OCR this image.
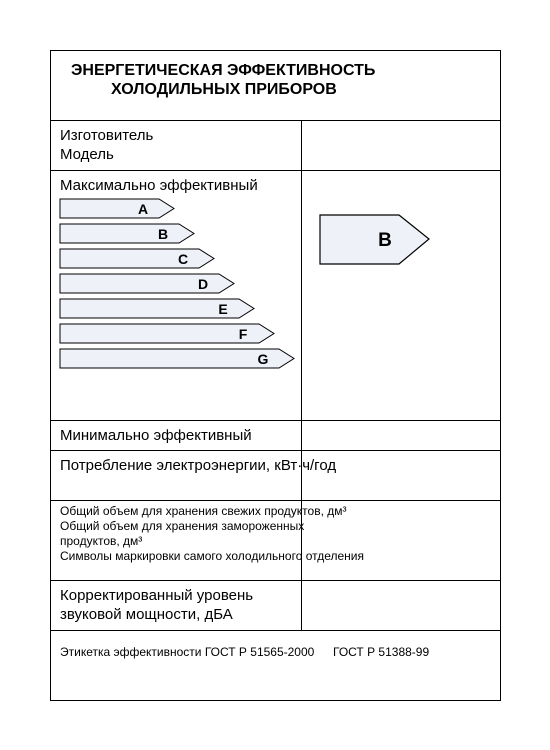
ЭНЕРГЕТИЧЕСКАЯ ЭФФЕКТИВНОСТЬ
ХОЛОДИЛЬНЫХ ПРИБОРОВ
Изготовитель
Модель
Максимально эффективный
A
B
C
D
E
F
G
B
Минимально эффективный
Потребление электроэнергии, кВт·ч/год
Общий объем для хранения свежих продуктов, дм³
Общий объем для хранения замороженных
продуктов, дм³
Символы маркировки самого холодильного отделения
Корректированный уровень
звуковой мощности, дБА
Этикетка эффективности ГОСТ Р 51565-2000 ГОСТ Р 51388-99
